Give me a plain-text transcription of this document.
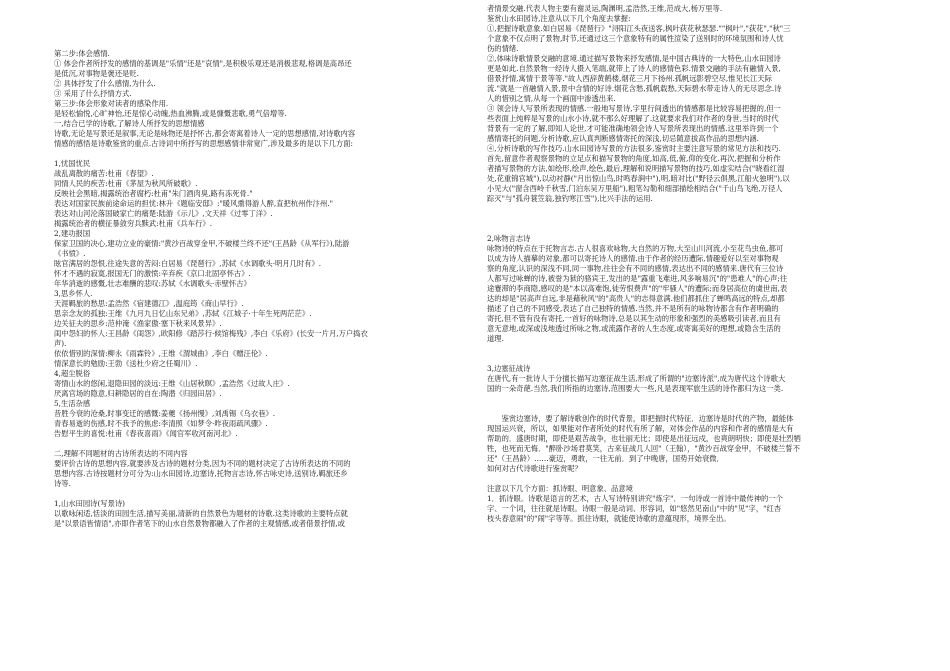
第二步:体会感情.

① 体会作者所抒发的感情的基调是"乐情"还是"哀情",是积极乐观还是消极悲观,格调是高昂还

是低沉,对事物是褒还是贬.

② 具体抒发了什么感情,为什么.

③ 采用了什么抒情方式.

第三步:体会形象对读者的感染作用.

是轻松愉悦,心旷神怡,还是惊心动魄,热血沸腾,或是慷慨悲歌,勇气倍增等.

一,结合已学的诗歌,了解诗人所抒发的思想情感

诗歌,无论是写景还是叙事,无论是咏物还是抒怀古,都会寄寓着诗人一定的思想感情,对诗歌内容

情感的感悟是诗歌鉴赏的重点.古诗词中所抒写的思想感情非常宽广,涉及最多的是以下几方面:

1,忧国忧民

战乱离散的痛苦:杜甫《春望》.

同情人民的疾苦:杜甫《茅屋为秋风所破歌》.

反映社会黑暗,揭露统治者腐朽:杜甫"朱门酒肉臭,路有冻死骨."

表达对国家民族前途命运的担忧:林升《题临安邸》:"暖风熏得游人醉,直把杭州作汴州."

表达对山河沦落国破家亡的痛楚:陆游《示儿》,文天祥《过零丁洋》.

揭露统治者的横征暴敛穷兵黩武:杜甫《兵车行》.

2,建功报国

保家卫国的决心,建功立业的豪情:"黄沙百战穿金甲,不破楼兰终不还"(王昌龄《从军行》),陆游

《书愤》.

眩官满居的怨恨,往途失意的苦闷:白居易《琵琶行》,苏轼《水调歌头·明月几时有》.

怀才不遇的寂寞,报国无门的激愤:辛弃疾《京口北固亭怀古》.

年华消逝的感慨,壮志难酬的悲叹:苏轼《水调歌头·赤壁怀古》

3,思乡怀人.

天涯羁旅的愁思:孟浩然《宿建德江》,温庭筠《商山早行》.

思亲念友的孤独:王维《九月九日忆山东兄弟》,苏轼《江城子·十年生死两茫茫》.

边关征夫的思乡:范仲淹《渔家傲·塞下秋来风景异》.

闺中怨妇的怀人:王昌龄《闺怨》,欧阳修《踏莎行·候馆梅残》,李白《乐府》(长安一片月,万户捣衣

声).

依依惜别的深情:柳永《雨霖铃》,王维《渭城曲》,李白《赠汪伦》.

情深意长的勉励:王勃《送杜少府之任蜀川》.

4,超尘脱俗

寄情山水的悠闲,退隐田园的淡远:王维《山居秋暝》,孟浩然《过故人庄》.

厌离官场的隐意,归耕隐居的自在:陶潜《归园田居》.

5,生活杂感

昔胜今衰的沧桑,时事变迁的感慨:姜夔《扬州慢》,刘禹锡《乌衣巷》.

青春易逝的伤感,时不我予的焦虑:李清照《如梦令·昨夜雨疏风骤》.

告慰平生的喜悦:杜甫《春夜喜雨》《闻官军收河南河北》.

二,理解不同题材的古诗所表达的不同内容

要评价古诗的思想内容,就要涉及古诗的题材分类,因为不同的题材决定了古诗所表达的不同的

思想内容.古诗按题材分可分为:山水田园诗,边塞诗,托物言志诗,怀古咏史诗,送别诗,羁旅还乡

诗等.

1,山水田园诗(写景诗)

以歌咏闲适,恬淡的田园生活,描写美丽,清新的自然景色为题材的诗歌.这类诗歌的主要特点就

是"以景语皆情语",亦即作者笔下的山水自然景物都融入了作者的主观情感,或者借景抒情,或

者情景交融.代表人物主要有谢灵运,陶渊明,孟浩然,王维,范成大,杨万里等.

鉴赏山水田园诗,注意从以下几个角度去掌握:

①,把握诗歌意象.如白居易《琵琶行》"浔阳江头夜送客,枫叶荻花秋瑟瑟.""枫叶","荻花","秋"三

个意象不仅点明了景物,时节,还通过这三个意象特有的属性渲染了送别时的环境氛围和诗人忧

伤的情绪.

②,体味诗歌情景交融的意境.通过描写景物来抒发感情,是中国古典诗的一大特色,山水田园诗

更是如此.自然景物一经诗人摄入笔端,就带上了诗人的感情色彩.情景交融的手法有融情入景,

借景抒情,寓情于景等等."故人西辞黄鹤楼,烟花三月下扬州.孤帆远影碧空尽,惟见长江天际

流."就是一首融情入景,景中含情的好诗.烟花含愁,孤帆载愁,天际碧水带走诗人的无尽思念.诗

人的惜别之情,从每一个画面中渗透出来.

③ 领会诗人写景所表现的情感.一般地写景诗,字里行间透出的情感都是比较容易把握的,但一

些表面上纯粹是写景的山水小诗,就不那么好理解了.这就要求我们对作者的身世,当时的时代

背景有一定的了解,即知人论世,才可能准确地领会诗人写景所表现出的情感.这里举许到一个

感情寄托的问题,分析诗歌,应认真判断感情寄托的深浅,切忌随意拔高作品的思想内涵.

④,分析诗歌的写作技巧.山水田园诗写景的方法很多,鉴赏时主要注意写景的常见方法和技巧.

首先,留意作者观察景物的立足点和描写景物的角度,如高,低,俯,仰的变化.再次,把握和分析作

者描写景物的方法,如绘形,绘声,绘色,最后,理解和说明描写景物的技巧,如虚实结合("晓看红湿

处,花重锦官城"),以动衬静("月出惊山鸟,时鸣春涧中"),明,暗对比("野径云俱黑,江船火独明"),以

小见大("窗含西岭千秋雪,门泊东吴万里船"),粗笔勾勒和细部描绘相结合("千山鸟飞绝,万径人

踪灭"与"孤舟蓑笠翁,独钓寒江雪"),比兴手法的运用.

2,咏物言志诗

咏物诗的特点在于托物言志.古人很喜欢咏物,大自然的万物,大至山川河流,小至花鸟虫鱼,都可

以成为诗人描摹的对象,都可以寄托诗人的感情.由于作者的经历遭际,情趣爱好以至对事物观

察的角度,认识的深浅不同,同一事物,往往会有不同的感情,表达出不同的感情来.唐代有三位诗

人都写过咏蝉的诗,被誉为狱的骆宾王,发出的是"露重飞难进,风多响易沉"的"患难人"的心声;往

途蹇滞的李商隐,感叹的是"本以高难饱,徒劳恨费声"的"牢骚人"的遭际;而身居高位的虞世南,表

达的却是"居高声自远,非是藉秋风"的"高贵人"的志得意满.他们都抓住了蝉鸣高远的特点,却都

描述了自己的不同感受,表达了自己独特的情感.当然,并不是所有的咏物诗都含有作者明确的

寄托,但不管有没有寄托,一首好的咏物诗,总是以其生动的形象和强烈的美感吸引读者,而且有

意无意地,或深或浅地透过所咏之物,或流露作者的人生态度,或寄寓美好的理想,或隐含生活的

道理.

3,边塞征战诗

在唐代,有一批诗人于分擅长描写边塞征战生活,形成了所谓的"边塞诗派",成为唐代这个诗歌大

国的一朵奇葩.当然,我们所指的边塞诗,范围要大一些,凡是表现军旅生活的诗作都归为这一类.

　　鉴赏边塞诗，要了解诗歌创作的时代背景，即把握时代特征．边塞诗是时代的产物，最能体

现国运兴衰，所以，如果能对作者所处的时代有所了解，对体会作品的内容和作者的感情是大有

帮助的．盛唐时期，即使是艰苦战争，也壮丽无比；即使是出征远戍，也爽朗明快；即使是壮烈牺

牲，也死而无悔．"醉卧沙场君莫笑，古来征战几人回"（王翰），"黄沙百战穿金甲，不破楼兰誓不

还"（王昌龄）……豪迈，勇敢，一往无前．到了中晚唐，国势开始衰微．

如何对古代诗歌进行鉴赏呢？

注意以下几个方面：抓诗眼、明意象、品意境

1．抓诗眼。诗歌是语言的艺术，古人写诗特别讲究"炼字"．一句诗或一首诗中最传神的一个

字、一个词，往往就是诗眼。诗眼一般是动词、形容词，如"悠然见南山"中的"见"字，"红杏

枝头春意闹"的"闹"字等等。抓住诗眼，就能使诗歌的意蕴现形，境界全出。
